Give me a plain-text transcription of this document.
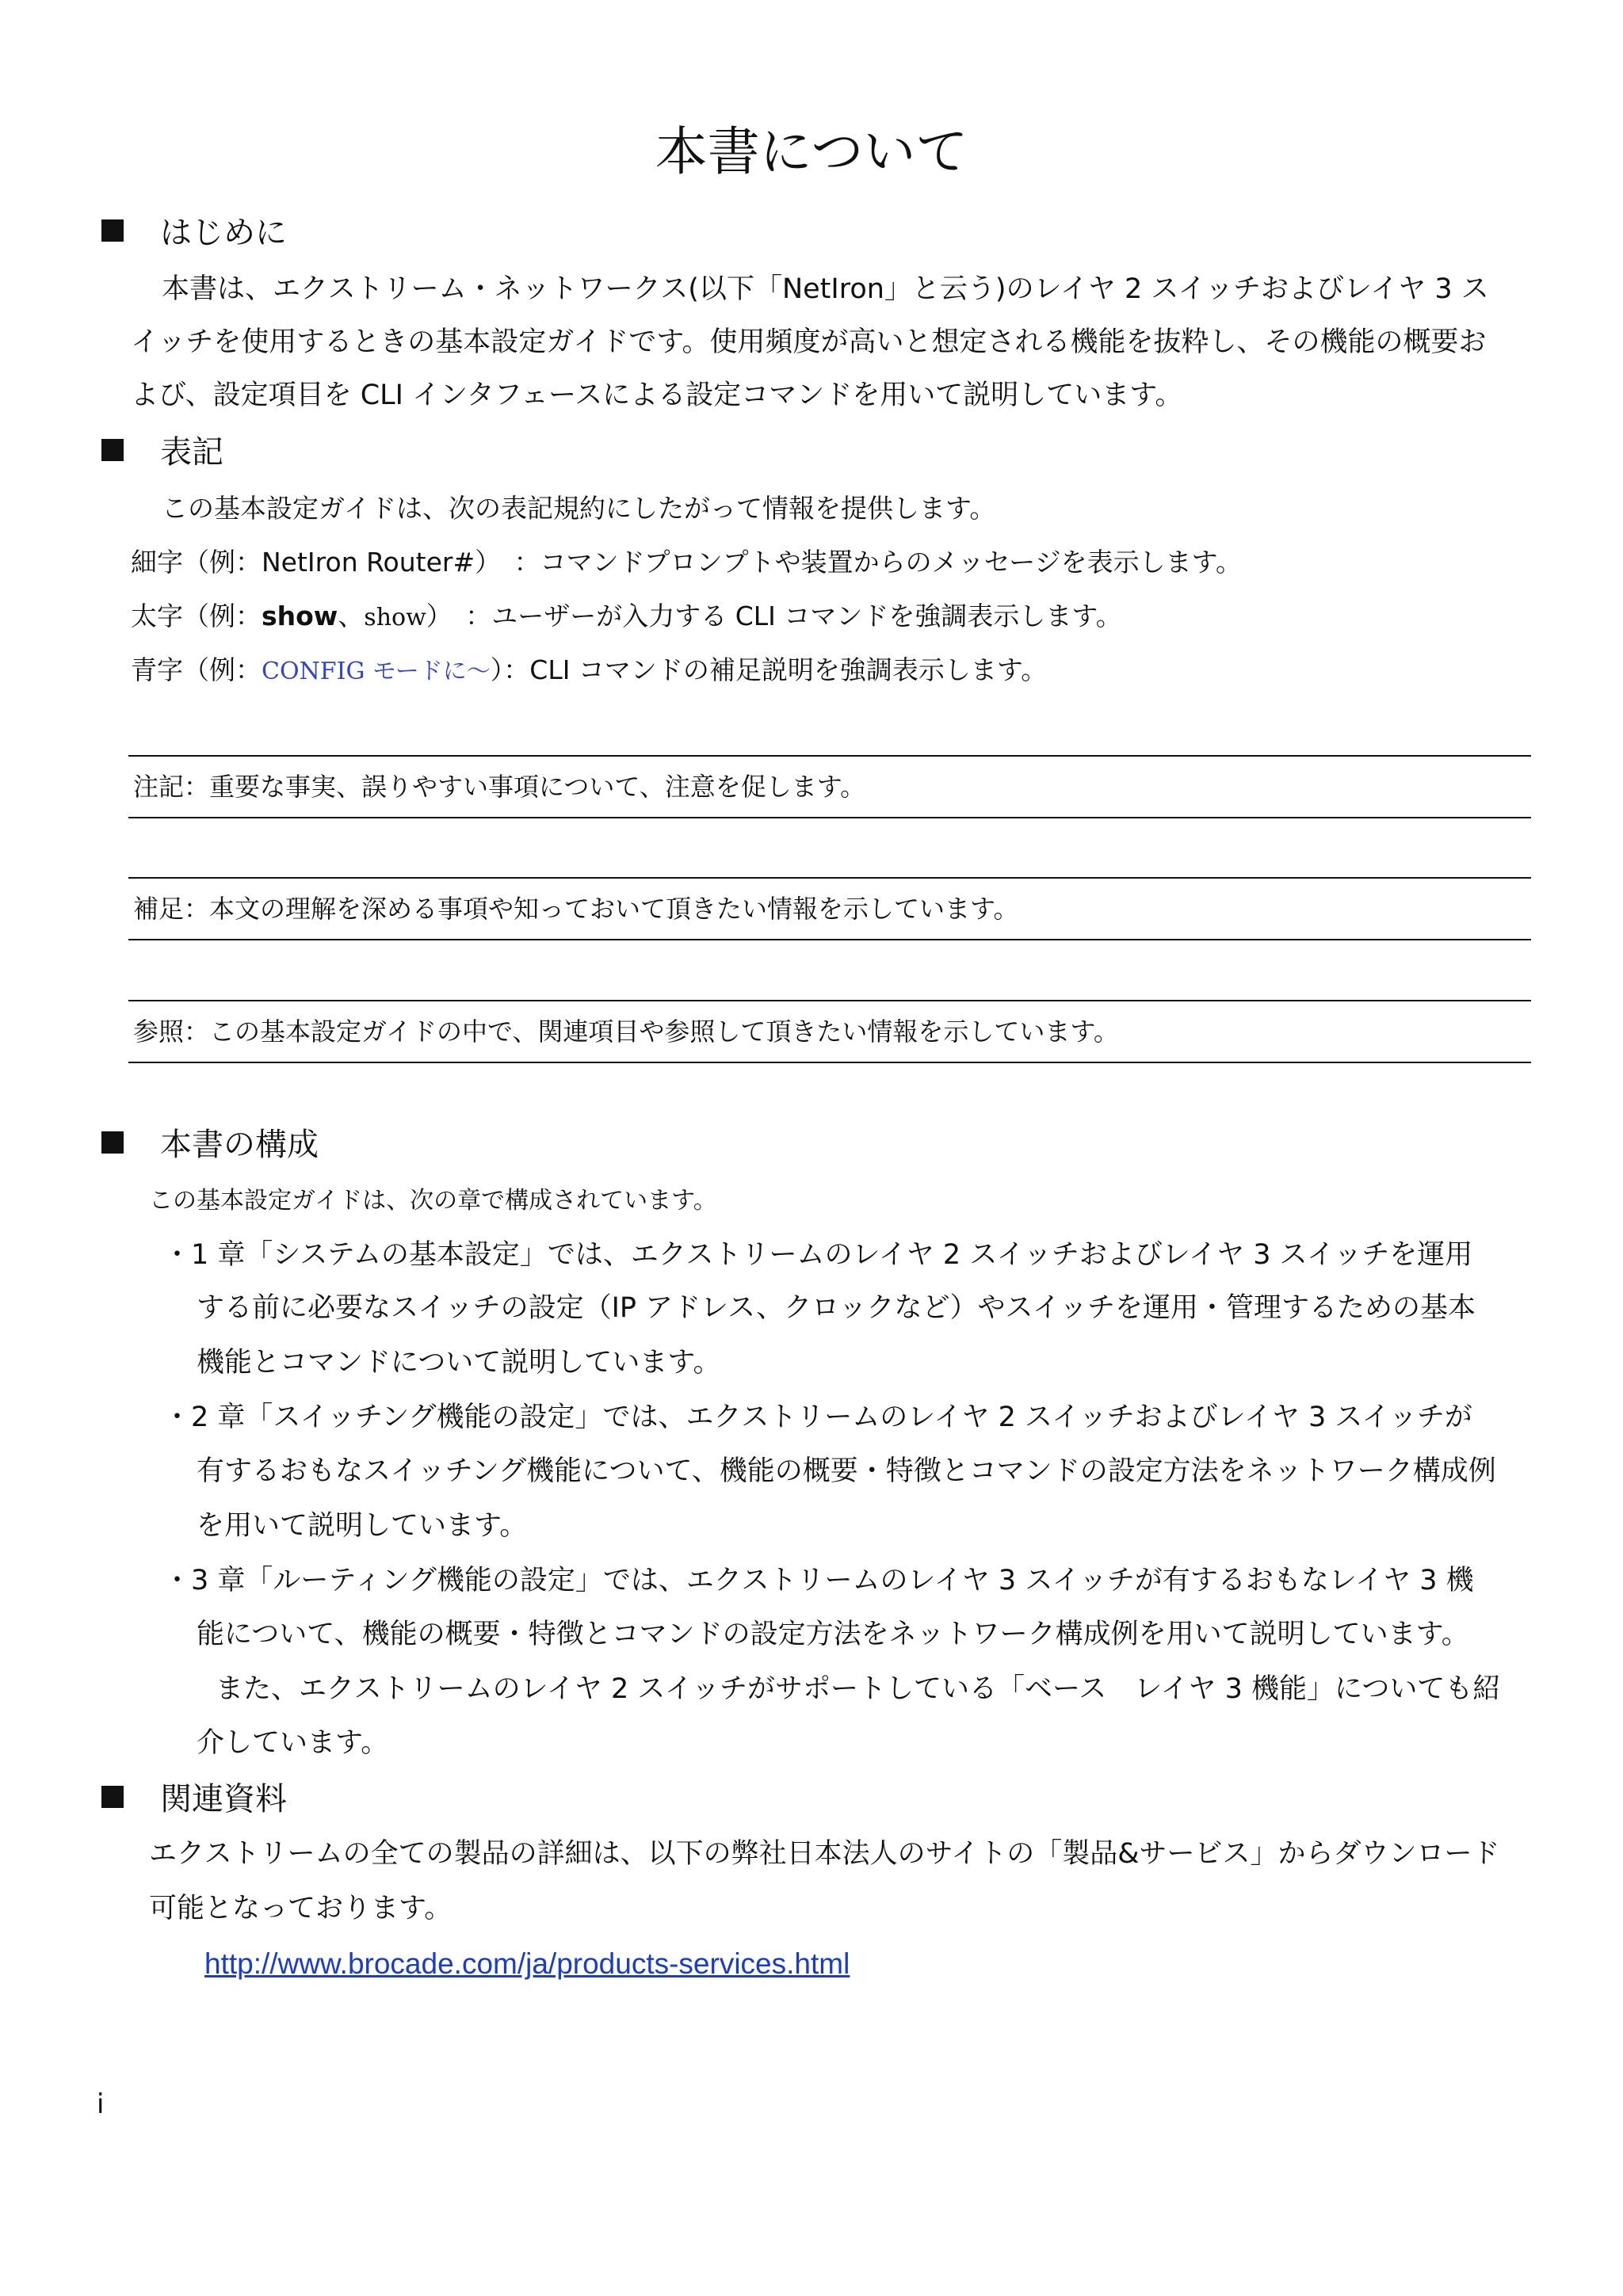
本書について
はじめに
本書は、エクストリーム・ネットワークス(以下「NetIron」と云う)のレイヤ 2 スイッチおよびレイヤ 3 ス
イッチを使用するときの基本設定ガイドです。使用頻度が高いと想定される機能を抜粋し、その機能の概要お
よび、設定項目を CLI インタフェースによる設定コマンドを用いて説明しています。
表記
この基本設定ガイドは、次の表記規約にしたがって情報を提供します。
細字（例：NetIron Router#）　：コマンドプロンプトや装置からのメッセージを表示します。
太字（例：show、show）　：ユーザーが入力する CLI コマンドを強調表示します。
青字（例：CONFIG モードに〜）：CLI コマンドの補足説明を強調表示します。
注記：重要な事実、誤りやすい事項について、注意を促します。
補足：本文の理解を深める事項や知っておいて頂きたい情報を示しています。
参照：この基本設定ガイドの中で、関連項目や参照して頂きたい情報を示しています。
本書の構成
この基本設定ガイドは、次の章で構成されています。
・1 章「システムの基本設定」では、エクストリームのレイヤ 2 スイッチおよびレイヤ 3 スイッチを運用
する前に必要なスイッチの設定（IP アドレス、クロックなど）やスイッチを運用・管理するための基本
機能とコマンドについて説明しています。
・2 章「スイッチング機能の設定」では、エクストリームのレイヤ 2 スイッチおよびレイヤ 3 スイッチが
有するおもなスイッチング機能について、機能の概要・特徴とコマンドの設定方法をネットワーク構成例
を用いて説明しています。
・3 章「ルーティング機能の設定」では、エクストリームのレイヤ 3 スイッチが有するおもなレイヤ 3 機
能について、機能の概要・特徴とコマンドの設定方法をネットワーク構成例を用いて説明しています。
また、エクストリームのレイヤ 2 スイッチがサポートしている「ベース　レイヤ 3 機能」についても紹
介しています。
関連資料
エクストリームの全ての製品の詳細は、以下の弊社日本法人のサイトの「製品&サービス」からダウンロード
可能となっております。
http://www.brocade.com/ja/products-services.html
i
